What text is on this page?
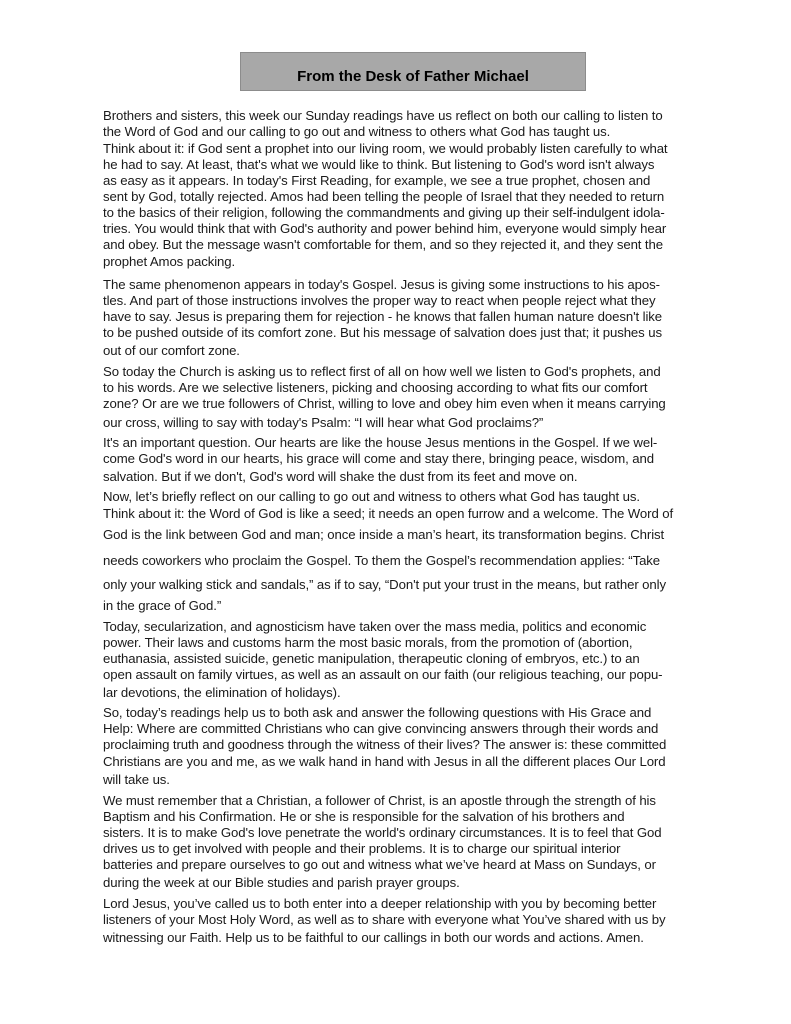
From the Desk of Father Michael
Brothers and sisters, this week our Sunday readings have us reflect on both our calling to listen to
the Word of God and our calling to go out and witness to others what God has taught us.
Think about it: if God sent a prophet into our living room, we would probably listen carefully to what
he had to say. At least, that's what we would like to think. But listening to God's word isn't always
as easy as it appears. In today's First Reading, for example, we see a true prophet, chosen and
sent by God, totally rejected. Amos had been telling the people of Israel that they needed to return
to the basics of their religion, following the commandments and giving up their self-indulgent idola-
tries. You would think that with God's authority and power behind him, everyone would simply hear
and obey. But the message wasn't comfortable for them, and so they rejected it, and they sent the
prophet Amos packing.
The same phenomenon appears in today's Gospel. Jesus is giving some instructions to his apos-
tles. And part of those instructions involves the proper way to react when people reject what they
have to say. Jesus is preparing them for rejection - he knows that fallen human nature doesn't like
to be pushed outside of its comfort zone. But his message of salvation does just that; it pushes us
out of our comfort zone.
So today the Church is asking us to reflect first of all on how well we listen to God's prophets, and
to his words. Are we selective listeners, picking and choosing according to what fits our comfort
zone? Or are we true followers of Christ, willing to love and obey him even when it means carrying
our cross, willing to say with today's Psalm: “I will hear what God proclaims?”
It's an important question. Our hearts are like the house Jesus mentions in the Gospel. If we wel-
come God's word in our hearts, his grace will come and stay there, bringing peace, wisdom, and
salvation. But if we don't, God's word will shake the dust from its feet and move on.
Now, let’s briefly reflect on our calling to go out and witness to others what God has taught us.
Think about it: the Word of God is like a seed; it needs an open furrow and a welcome. The Word of
God is the link between God and man; once inside a man’s heart, its transformation begins. Christ
needs coworkers who proclaim the Gospel. To them the Gospel’s recommendation applies: “Take
only your walking stick and sandals,” as if to say, “Don't put your trust in the means, but rather only
in the grace of God.”
Today, secularization, and agnosticism have taken over the mass media, politics and economic
power. Their laws and customs harm the most basic morals, from the promotion of (abortion,
euthanasia, assisted suicide, genetic manipulation, therapeutic cloning of embryos, etc.) to an
open assault on family virtues, as well as an assault on our faith (our religious teaching, our popu-
lar devotions, the elimination of holidays).
So, today’s readings help us to both ask and answer the following questions with His Grace and
Help: Where are committed Christians who can give convincing answers through their words and
proclaiming truth and goodness through the witness of their lives? The answer is: these committed
Christians are you and me, as we walk hand in hand with Jesus in all the different places Our Lord
will take us.
We must remember that a Christian, a follower of Christ, is an apostle through the strength of his
Baptism and his Confirmation. He or she is responsible for the salvation of his brothers and
sisters. It is to make God's love penetrate the world's ordinary circumstances. It is to feel that God
drives us to get involved with people and their problems. It is to charge our spiritual interior
batteries and prepare ourselves to go out and witness what we’ve heard at Mass on Sundays, or
during the week at our Bible studies and parish prayer groups.
Lord Jesus, you’ve called us to both enter into a deeper relationship with you by becoming better
listeners of your Most Holy Word, as well as to share with everyone what You’ve shared with us by
witnessing our Faith. Help us to be faithful to our callings in both our words and actions. Amen.
